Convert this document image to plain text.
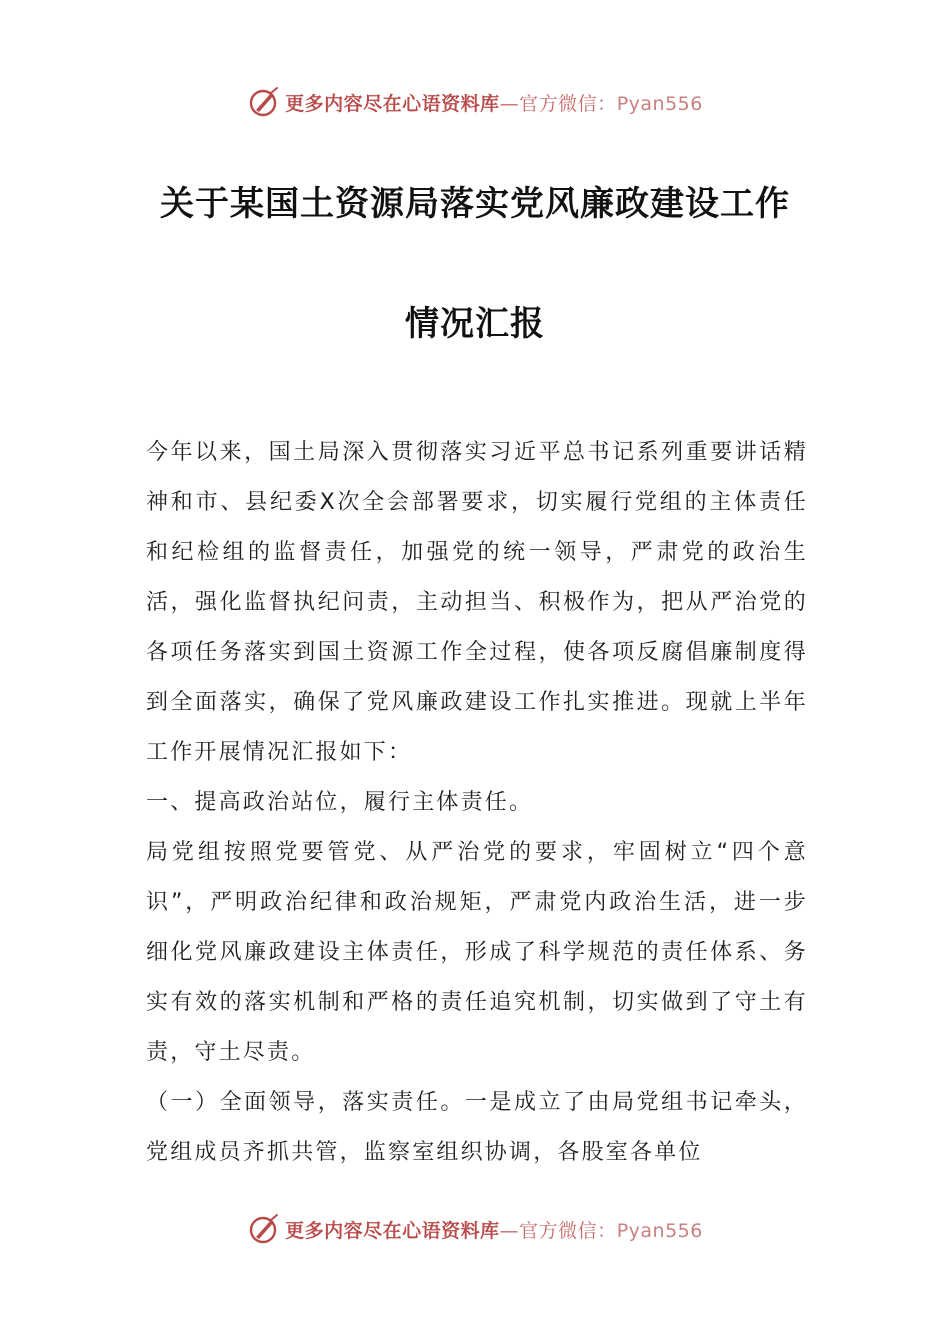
更多内容尽在心语资料库—官方微信：Pyan556
关于某国土资源局落实党风廉政建设工作
情况汇报

今年以来，国土局深入贯彻落实习近平总书记系列重要讲话精神和市、县纪委X次全会部署要求，切实履行党组的主体责任和纪检组的监督责任，加强党的统一领导，严肃党的政治生活，强化监督执纪问责，主动担当、积极作为，把从严治党的各项任务落实到国土资源工作全过程，使各项反腐倡廉制度得到全面落实，确保了党风廉政建设工作扎实推进。现就上半年工作开展情况汇报如下：

一、提高政治站位，履行主体责任。

局党组按照党要管党、从严治党的要求，牢固树立“四个意识”，严明政治纪律和政治规矩，严肃党内政治生活，进一步细化党风廉政建设主体责任，形成了科学规范的责任体系、务实有效的落实机制和严格的责任追究机制，切实做到了守土有责，守土尽责。

（一）全面领导，落实责任。一是成立了由局党组书记牵头，党组成员齐抓共管，监察室组织协调，各股室各单位

更多内容尽在心语资料库—官方微信：Pyan556
